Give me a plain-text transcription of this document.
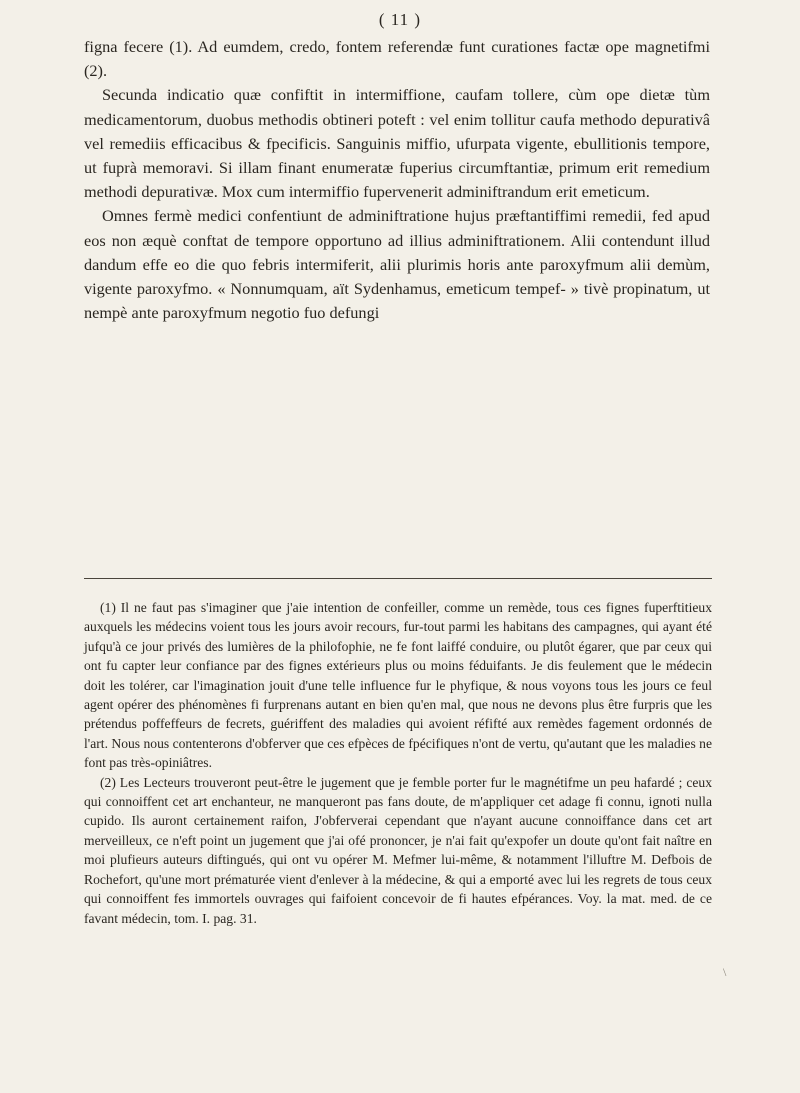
( 11 )

figna fecere (1). Ad eumdem, credo, fontem referendæ funt curationes factæ ope magnetifmi (2).

Secunda indicatio quæ confiftit in intermiffione, caufam tollere, cùm ope dietæ tùm medicamentorum, duobus methodis obtineri poteft : vel enim tollitur caufa methodo depurativâ vel remediis efficacibus & fpecificis. Sanguinis miffio, ufurpata vigente, ebullitionis tempore, ut fuprà memoravi. Si illam finant enumeratæ fuperius circumftantiæ, primum erit remedium methodi depurativæ. Mox cum intermiffio fupervenerit adminiftrandum erit emeticum.

Omnes fermè medici confentiunt de adminiftratione hujus præftantiffimi remedii, fed apud eos non æquè conftat de tempore opportuno ad illius adminiftrationem. Alii contendunt illud dandum effe eo die quo febris intermiferit, alii plurimis horis ante paroxyfmum alii demùm, vigente paroxyfmo. « Nonnumquam, aït Sydenhamus, emeticum tempef- » tivè propinatum, ut nempè ante paroxyfmum negotio fuo defungi

(1) Il ne faut pas s'imaginer que j'aie intention de confeiller, comme un remède, tous ces fignes fuperftitieux auxquels les médecins voient tous les jours avoir recours, fur-tout parmi les habitans des campagnes, qui ayant été jufqu'à ce jour privés des lumières de la philofophie, ne fe font laiffé conduire, ou plutôt égarer, que par ceux qui ont fu capter leur confiance par des fignes extérieurs plus ou moins féduifants. Je dis feulement que le médecin doit les tolérer, car l'imagination jouit d'une telle influence fur le phyfique, & nous voyons tous les jours ce feul agent opérer des phénomènes fi furprenans autant en bien qu'en mal, que nous ne devons plus être furpris que les prétendus poffeffeurs de fecrets, guériffent des maladies qui avoient réfifté aux remèdes fagement ordonnés de l'art. Nous nous contenterons d'obferver que ces efpèces de fpécifiques n'ont de vertu, qu'autant que les maladies ne font pas très-opiniâtres.

(2) Les Lecteurs trouveront peut-être le jugement que je femble porter fur le magnétifme un peu hafardé ; ceux qui connoiffent cet art enchanteur, ne manqueront pas fans doute, de m'appliquer cet adage fi connu, ignoti nulla cupido. Ils auront certainement raifon, J'obferverai cependant que n'ayant aucune connoiffance dans cet art merveilleux, ce n'eft point un jugement que j'ai ofé prononcer, je n'ai fait qu'expofer un doute qu'ont fait naître en moi plufieurs auteurs diftingués, qui ont vu opérer M. Mefmer lui-même, & notamment l'illuftre M. Defbois de Rochefort, qu'une mort prématurée vient d'enlever à la médecine, & qui a emporté avec lui les regrets de tous ceux qui connoiffent fes immortels ouvrages qui faifoient concevoir de fi hautes efpérances. Voy. la mat. med. de ce favant médecin, tom. I. pag. 31.

\
